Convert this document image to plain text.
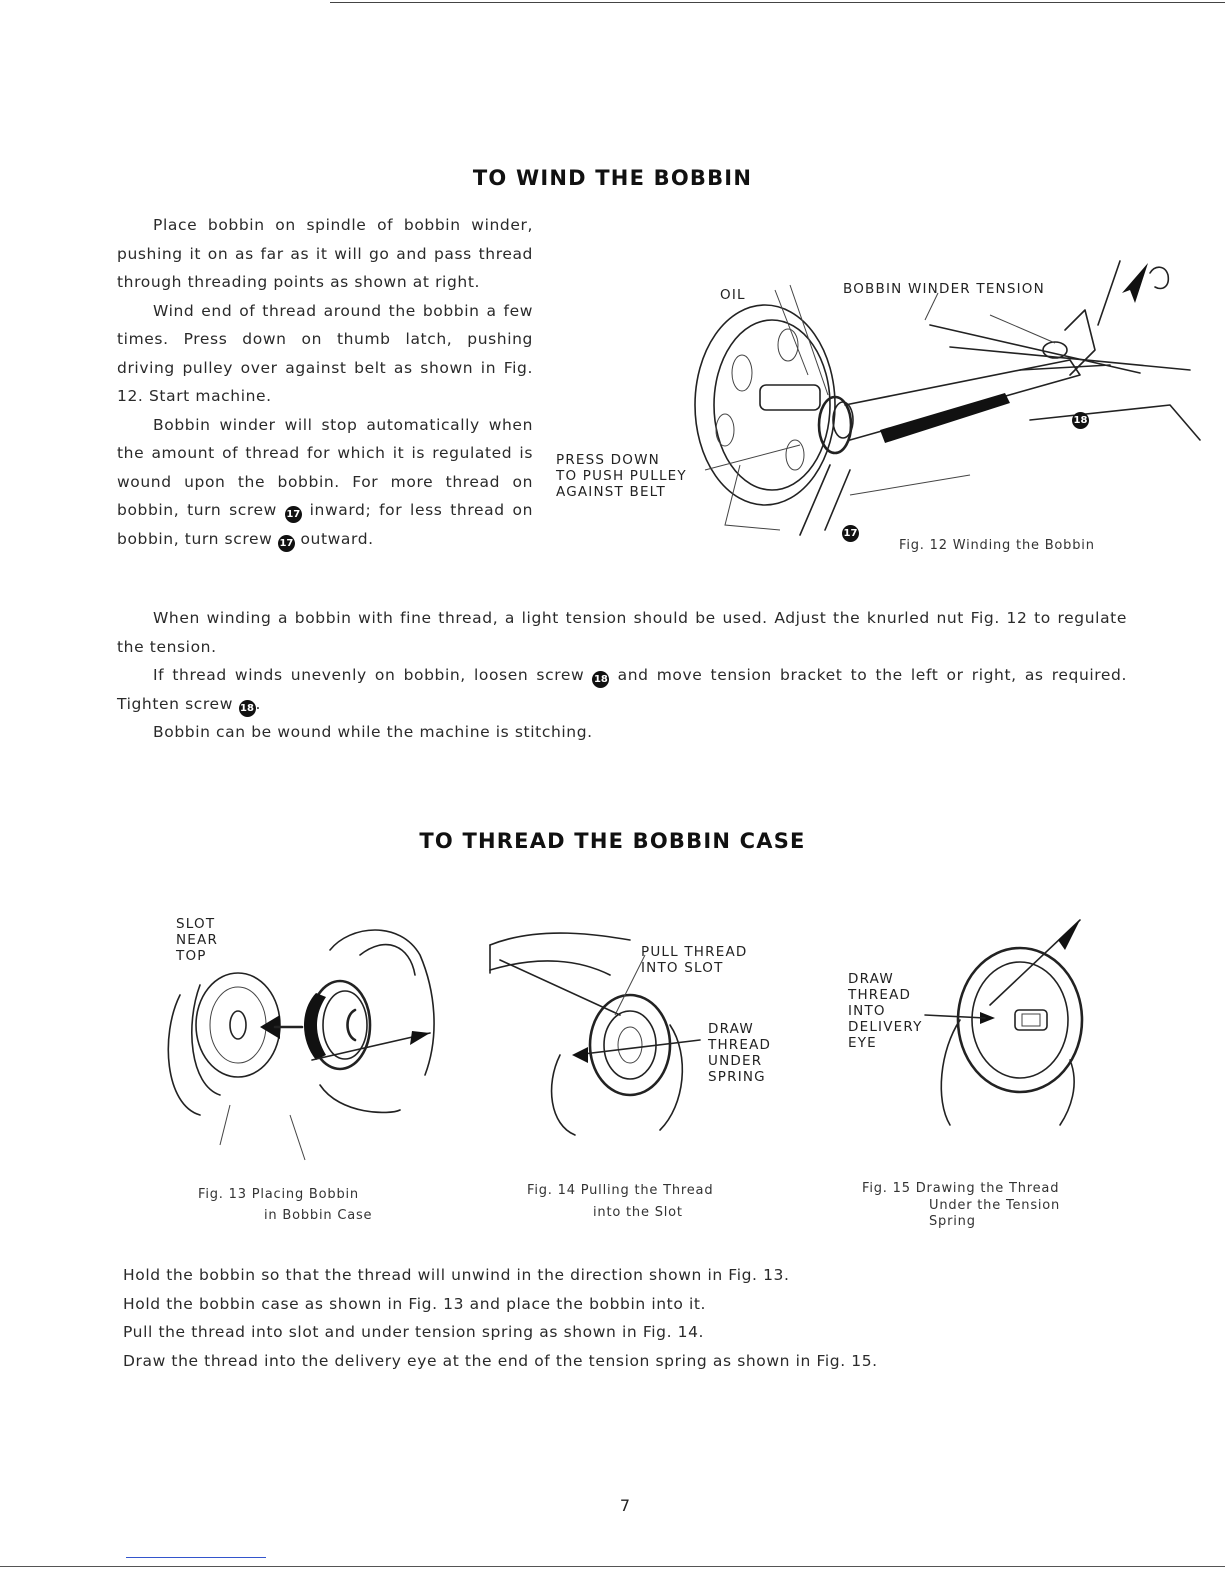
TO WIND THE BOBBIN
Place bobbin on spindle of bobbin winder, pushing it on as far as it will go and pass thread through threading points as shown at right.
Wind end of thread around the bobbin a few times. Press down on thumb latch, pushing driving pulley over against belt as shown in Fig. 12. Start machine.
Bobbin winder will stop automatically when the amount of thread for which it is regulated is wound upon the bobbin. For more thread on bobbin, turn screw 17 inward; for less thread on bobbin, turn screw 17 outward.
When winding a bobbin with fine thread, a light tension should be used. Adjust the knurled nut Fig. 12 to regulate the tension.
If thread winds unevenly on bobbin, loosen screw 18 and move tension bracket to the left or right, as required. Tighten screw 18.
Bobbin can be wound while the machine is stitching.
OIL	BOBBIN WINDER TENSION
PRESS DOWN
TO PUSH PULLEY
AGAINST BELT
17
18
Fig. 12 Winding the Bobbin
TO THREAD THE BOBBIN CASE
SLOT
NEAR
TOP
Fig. 13 Placing Bobbin
in Bobbin Case
PULL THREAD
INTO SLOT
DRAW
THREAD
UNDER
SPRING
Fig. 14 Pulling the Thread
into the Slot
DRAW
THREAD
INTO
DELIVERY
EYE
Fig. 15 Drawing the Thread
Under the Tension
Spring
Hold the bobbin so that the thread will unwind in the direction shown in Fig. 13.
Hold the bobbin case as shown in Fig. 13 and place the bobbin into it.
Pull the thread into slot and under tension spring as shown in Fig. 14.
Draw the thread into the delivery eye at the end of the tension spring as shown in Fig. 15.
7
